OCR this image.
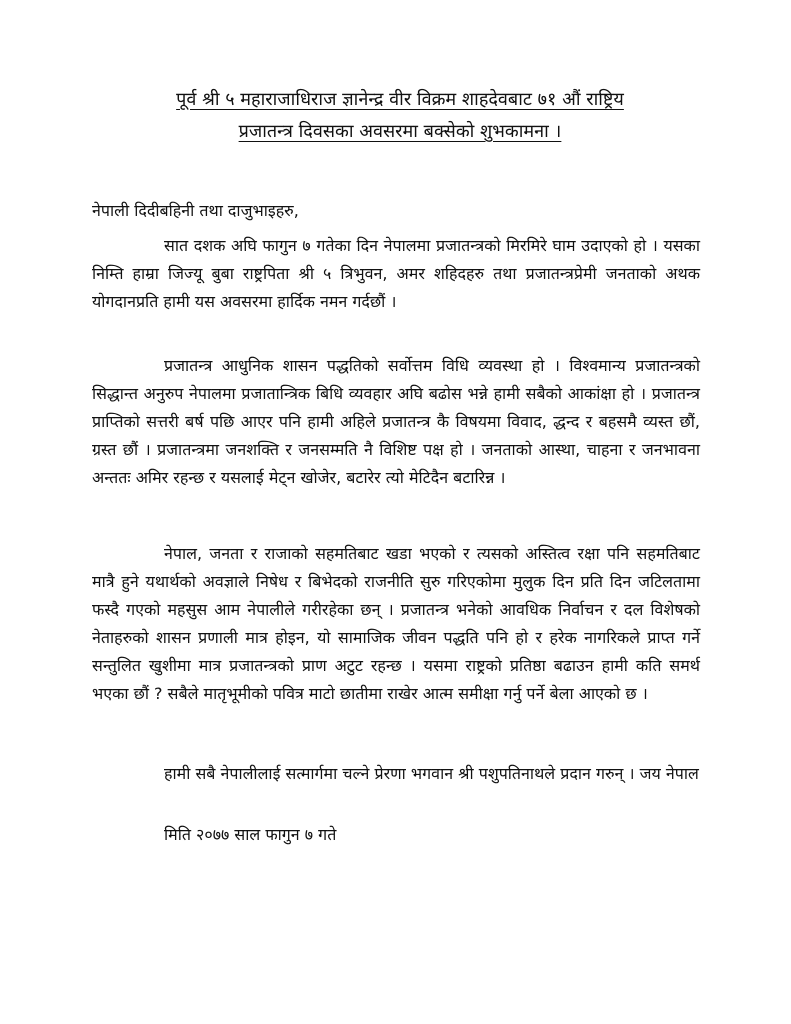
पूर्व श्री ५ महाराजाधिराज ज्ञानेन्द्र वीर विक्रम शाहदेवबाट ७१ औं राष्ट्रिय
प्रजातन्त्र दिवसका अवसरमा बक्सेको शुभकामना ।
नेपाली दिदीबहिनी तथा दाजुभाइहरु,
सात दशक अघि फागुन ७ गतेका दिन नेपालमा प्रजातन्त्रको मिरमिरे घाम उदाएको हो । यसका निम्ति हाम्रा जिज्यू बुबा राष्ट्रपिता श्री ५ त्रिभुवन, अमर शहिदहरु तथा प्रजातन्त्रप्रेमी जनताको अथक योगदानप्रति हामी यस अवसरमा हार्दिक नमन गर्दछौं ।
प्रजातन्त्र आधुनिक शासन पद्धतिको सर्वोत्तम विधि व्यवस्था हो । विश्वमान्य प्रजातन्त्रको सिद्धान्त अनुरुप नेपालमा प्रजातान्त्रिक बिधि व्यवहार अघि बढोस भन्ने हामी सबैको आकांक्षा हो । प्रजातन्त्र प्राप्तिको सत्तरी बर्ष पछि आएर पनि हामी अहिले प्रजातन्त्र कै विषयमा विवाद, द्धन्द र बहसमै व्यस्त छौं, ग्रस्त छौं । प्रजातन्त्रमा जनशक्ति र जनसम्मति नै विशिष्ट पक्ष हो । जनताको आस्था, चाहना र जनभावना अन्ततः अमिर रहन्छ र यसलाई मेट्न खोजेर, बटारेर त्यो मेटिदैन बटारिन्न ।
नेपाल, जनता र राजाको सहमतिबाट खडा भएको र त्यसको अस्तित्व रक्षा पनि सहमतिबाट मात्रै हुने यथार्थको अवज्ञाले निषेध र बिभेदको राजनीति सुरु गरिएकोमा मुलुक दिन प्रति दिन जटिलतामा फस्दै गएको महसुस आम नेपालीले गरीरहेका छन् । प्रजातन्त्र भनेको आवधिक निर्वाचन र दल विशेषको नेताहरुको शासन प्रणाली मात्र होइन, यो सामाजिक जीवन पद्धति पनि हो र हरेक नागरिकले प्राप्त गर्ने सन्तुलित खुशीमा मात्र प्रजातन्त्रको प्राण अटुट रहन्छ । यसमा राष्ट्रको प्रतिष्ठा बढाउन हामी कति समर्थ भएका छौं ? सबैले मातृभूमीको पवित्र माटो छातीमा राखेर आत्म समीक्षा गर्नु पर्ने बेला आएको छ ।
हामी सबै नेपालीलाई सत्मार्गमा चल्ने प्रेरणा भगवान श्री पशुपतिनाथले प्रदान गरुन् । जय नेपाल
मिति २०७७ साल फागुन ७ गते
